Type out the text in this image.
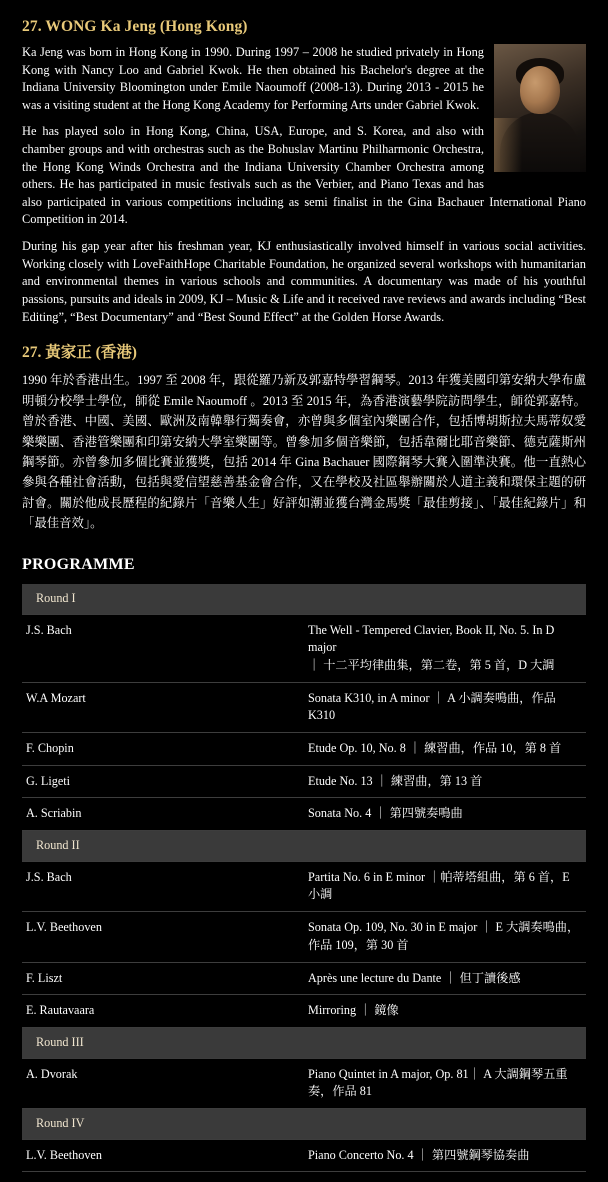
27. WONG Ka Jeng (Hong Kong)

Ka Jeng was born in Hong Kong in 1990. During 1997 – 2008 he studied privately in Hong Kong with Nancy Loo and Gabriel Kwok. He then obtained his Bachelor's degree at the Indiana University Bloomington under Emile Naoumoff (2008-13). During 2013 - 2015 he was a visiting student at the Hong Kong Academy for Performing Arts under Gabriel Kwok.

He has played solo in Hong Kong, China, USA, Europe, and S. Korea, and also with chamber groups and with orchestras such as the Bohuslav Martinu Philharmonic Orchestra, the Hong Kong Winds Orchestra and the Indiana University Chamber Orchestra among others. He has participated in music festivals such as the Verbier, and Piano Texas and has also participated in various competitions including as semi finalist in the Gina Bachauer International Piano Competition in 2014.

During his gap year after his freshman year, KJ enthusiastically involved himself in various social activities. Working closely with LoveFaithHope Charitable Foundation, he organized several workshops with humanitarian and environmental themes in various schools and communities. A documentary was made of his youthful passions, pursuits and ideals in 2009, KJ – Music & Life and it received rave reviews and awards including “Best Editing”, “Best Documentary” and “Best Sound Effect” at the Golden Horse Awards.

27. 黃家正 (香港)

1990 年於香港出生。1997 至 2008 年，跟從羅乃新及郭嘉特學習鋼琴。2013 年獲美國印第安納大學布盧明頓分校學士學位，師從 Emile Naoumoff 。2013 至 2015 年，為香港演藝學院訪問學生，師從郭嘉特。曾於香港、中國、美國、歐洲及南韓舉行獨奏會，亦曾與多個室內樂團合作，包括博胡斯拉夫馬蒂奴愛樂樂團、香港管樂團和印第安納大學室樂團等。曾參加多個音樂節，包括韋爾比耶音樂節、德克薩斯州鋼琴節。亦曾參加多個比賽並獲獎，包括 2014 年 Gina Bachauer 國際鋼琴大賽入圍準決賽。他一直熱心參與各種社會活動，包括與愛信望慈善基金會合作，又在學校及社區舉辦關於人道主義和環保主題的研討會。關於他成長歷程的紀錄片「音樂人生」好評如潮並獲台灣金馬獎「最佳剪接」、「最佳紀錄片」和「最佳音效」。

PROGRAMME
Round I	
J.S. Bach	The Well - Tempered Clavier, Book II, No. 5. In D major
｜ 十二平均律曲集，第二卷，第 5 首，D 大調

W.A Mozart	Sonata K310, in A minor ｜ A 小調奏鳴曲，作品 K310
F. Chopin	Etude Op. 10, No. 8 ｜ 練習曲，作品 10，第 8 首
G. Ligeti	Etude No. 13 ｜ 練習曲，第 13 首
A. Scriabin	Sonata No. 4 ｜ 第四號奏鳴曲
Round II	
J.S. Bach	Partita No. 6 in E minor ｜帕蒂塔組曲，第 6 首，E 小調
L.V. Beethoven	Sonata Op. 109, No. 30 in E major ｜ E 大調奏鳴曲，作品 109，第 30 首
F. Liszt	Après une lecture du Dante ｜ 但丁讀後感
E. Rautavaara	Mirroring ｜ 鏡像
Round III	
A. Dvorak	Piano Quintet in A major, Op. 81｜ A 大調鋼琴五重奏，作品 81
Round IV	
L.V. Beethoven	Piano Concerto No. 4 ｜ 第四號鋼琴協奏曲
